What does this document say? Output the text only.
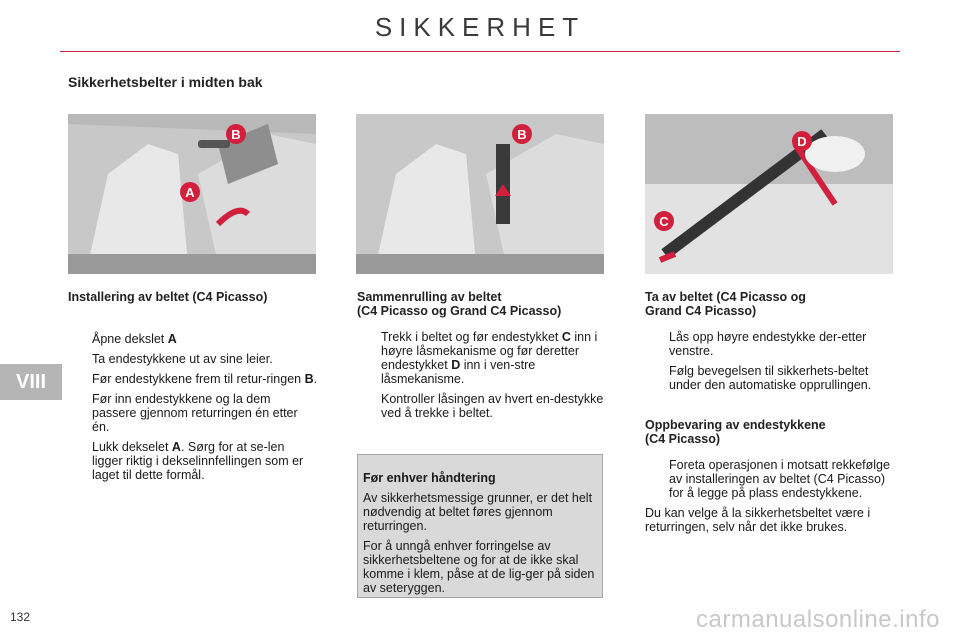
SIKKERHET
Sikkerhetsbelter i midten bak
A
B	B
C
D
Installering av beltet (C4 Picasso)
Åpne dekslet A
Ta endestykkene ut av sine leier.
Før endestykkene frem til retur-ringen B.
Før inn endestykkene og la dem passere gjennom returringen én etter én.
Lukk dekselet A. Sørg for at se-len ligger riktig i dekselinnfellingen som er laget til dette formål.
Sammenrulling av beltet
(C4 Picasso og Grand C4 Picasso)
Trekk i beltet og før endestykket C inn i høyre låsmekanisme og før deretter endestykket D inn i ven-stre låsmekanisme.
Kontroller låsingen av hvert en-destykke ved å trekke i beltet.
Før enhver håndtering

Av sikkerhetsmessige grunner, er det helt nødvendig at beltet føres gjennom returringen.

For å unngå enhver forringelse av sikkerhetsbeltene og for at de ikke skal komme i klem, påse at de lig-ger på siden av seteryggen.

Ta av beltet (C4 Picasso og
Grand C4 Picasso)
Lås opp høyre endestykke der-etter venstre.
Følg bevegelsen til sikkerhets-beltet under den automatiske opprullingen.
Oppbevaring av endestykkene
(C4 Picasso)
Foreta operasjonen i motsatt rekkefølge av installeringen av beltet (C4 Picasso) for å legge på plass endestykkene.

Du kan velge å la sikkerhetsbeltet være i returringen, selv når det ikke brukes.

VIII
132	carmanualsonline.info
